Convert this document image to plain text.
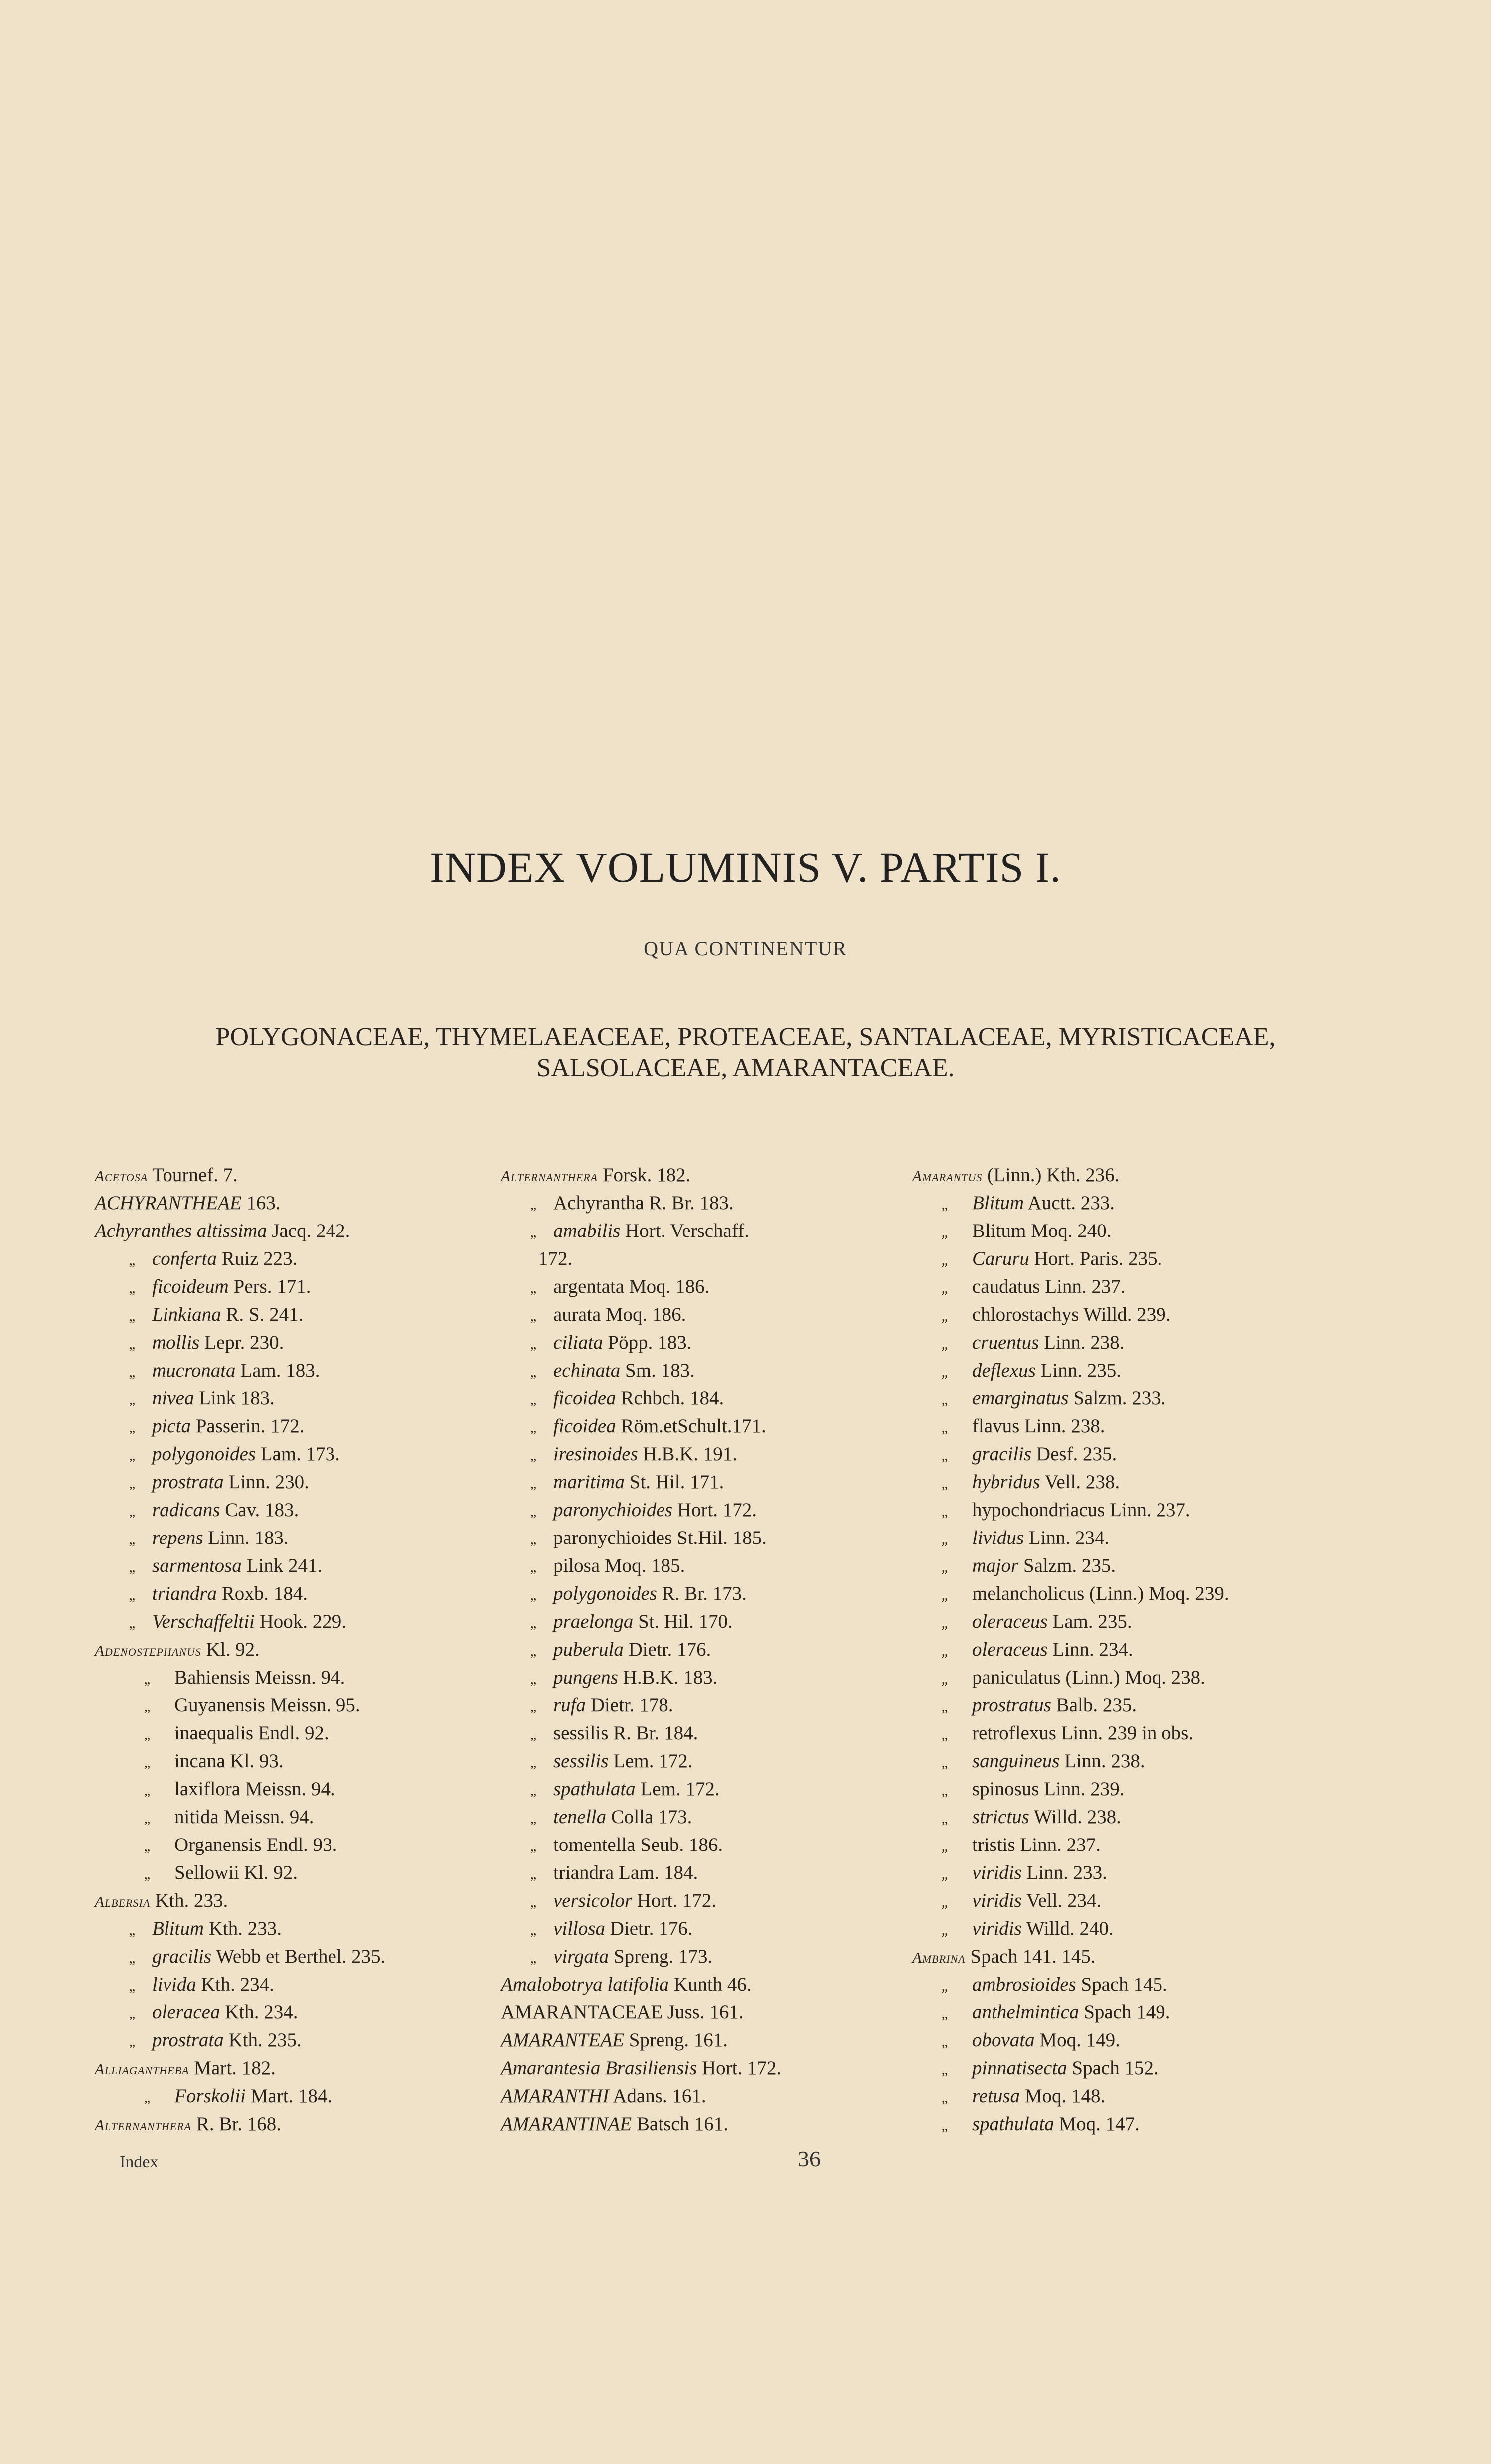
INDEX VOLUMINIS V. PARTIS I.
QUA CONTINENTUR
POLYGONACEAE, THYMELAEACEAE, PROTEACEAE, SANTALACEAE, MYRISTICACEAE,
SALSOLACEAE, AMARANTACEAE.
Acetosa Tournef. 7.
ACHYRANTHEAE 163.
Achyranthes altissima Jacq. 242.
„ conferta Ruiz 223.
„ ficoideum Pers. 171.
„ Linkiana R. S. 241.
„ mollis Lepr. 230.
„ mucronata Lam. 183.
„ nivea Link 183.
„ picta Passerin. 172.
„ polygonoides Lam. 173.
„ prostrata Linn. 230.
„ radicans Cav. 183.
„ repens Linn. 183.
„ sarmentosa Link 241.
„ triandra Roxb. 184.
„ Verschaffeltii Hook. 229.
Adenostephanus Kl. 92.
„ Bahiensis Meissn. 94.
„ Guyanensis Meissn. 95.
„ inaequalis Endl. 92.
„ incana Kl. 93.
„ laxiflora Meissn. 94.
„ nitida Meissn. 94.
„ Organensis Endl. 93.
„ Sellowii Kl. 92.
Albersia Kth. 233.
„ Blitum Kth. 233.
„ gracilis Webb et Berthel. 235.
„ livida Kth. 234.
„ oleracea Kth. 234.
„ prostrata Kth. 235.
Alliagantheba Mart. 182.
„ Forskolii Mart. 184.
Alternanthera R. Br. 168.
Alternanthera Forsk. 182.
„ Achyrantha R. Br. 183.
„ amabilis Hort. Verschaff.
172.
„ argentata Moq. 186.
„ aurata Moq. 186.
„ ciliata Pöpp. 183.
„ echinata Sm. 183.
„ ficoidea Rchbch. 184.
„ ficoidea Röm.etSchult.171.
„ iresinoides H.B.K. 191.
„ maritima St. Hil. 171.
„ paronychioides Hort. 172.
„ paronychioides St.Hil. 185.
„ pilosa Moq. 185.
„ polygonoides R. Br. 173.
„ praelonga St. Hil. 170.
„ puberula Dietr. 176.
„ pungens H.B.K. 183.
„ rufa Dietr. 178.
„ sessilis R. Br. 184.
„ sessilis Lem. 172.
„ spathulata Lem. 172.
„ tenella Colla 173.
„ tomentella Seub. 186.
„ triandra Lam. 184.
„ versicolor Hort. 172.
„ villosa Dietr. 176.
„ virgata Spreng. 173.
Amalobotrya latifolia Kunth 46.
AMARANTACEAE Juss. 161.
AMARANTEAE Spreng. 161.
Amarantesia Brasiliensis Hort. 172.
AMARANTHI Adans. 161.
AMARANTINAE Batsch 161.
Amarantus (Linn.) Kth. 236.
„ Blitum Auctt. 233.
„ Blitum Moq. 240.
„ Caruru Hort. Paris. 235.
„ caudatus Linn. 237.
„ chlorostachys Willd. 239.
„ cruentus Linn. 238.
„ deflexus Linn. 235.
„ emarginatus Salzm. 233.
„ flavus Linn. 238.
„ gracilis Desf. 235.
„ hybridus Vell. 238.
„ hypochondriacus Linn. 237.
„ lividus Linn. 234.
„ major Salzm. 235.
„ melancholicus (Linn.) Moq. 239.
„ oleraceus Lam. 235.
„ oleraceus Linn. 234.
„ paniculatus (Linn.) Moq. 238.
„ prostratus Balb. 235.
„ retroflexus Linn. 239 in obs.
„ sanguineus Linn. 238.
„ spinosus Linn. 239.
„ strictus Willd. 238.
„ tristis Linn. 237.
„ viridis Linn. 233.
„ viridis Vell. 234.
„ viridis Willd. 240.
Ambrina Spach 141. 145.
„ ambrosioides Spach 145.
„ anthelmintica Spach 149.
„ obovata Moq. 149.
„ pinnatisecta Spach 152.
„ retusa Moq. 148.
„ spathulata Moq. 147.
Index	36
